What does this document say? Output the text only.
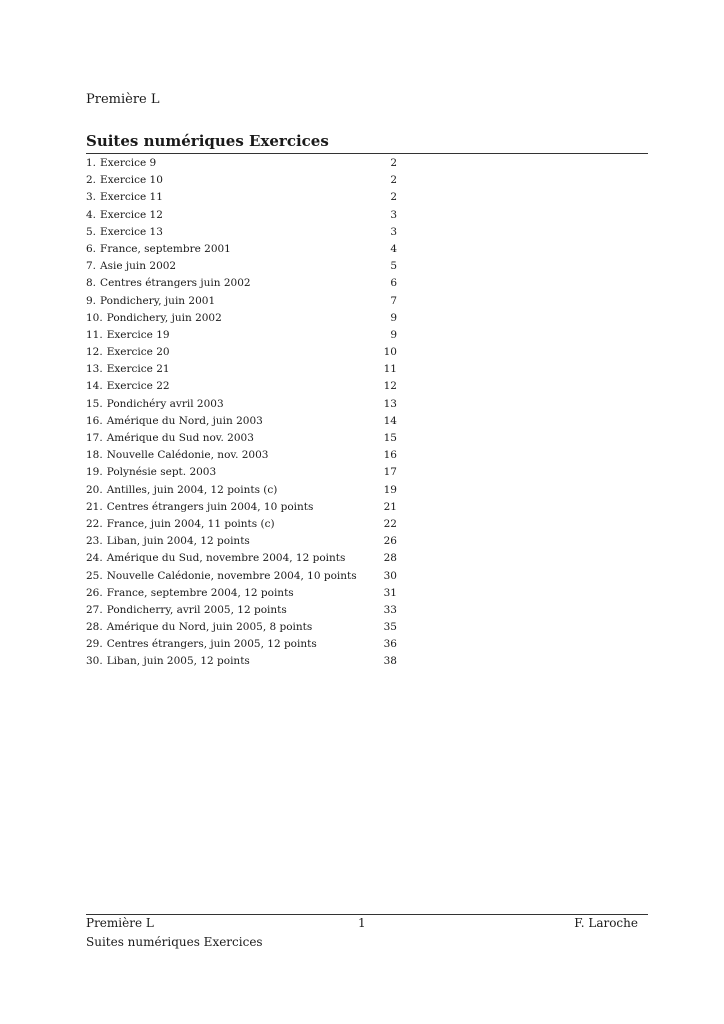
Première L
Suites numériques Exercices
1. Exercice 9	2
2. Exercice 10	2
3. Exercice 11	2
4. Exercice 12	3
5. Exercice 13	3
6. France, septembre 2001	4
7. Asie juin 2002	5
8. Centres étrangers juin 2002	6
9. Pondichery, juin 2001	7
10. Pondichery, juin 2002	9
11. Exercice 19	9
12. Exercice 20	10
13. Exercice 21	11
14. Exercice 22	12
15. Pondichéry avril 2003	13
16. Amérique du Nord, juin 2003	14
17. Amérique du Sud nov. 2003	15
18. Nouvelle Calédonie, nov. 2003	16
19. Polynésie sept. 2003	17
20. Antilles, juin 2004, 12 points (c)	19
21. Centres étrangers juin 2004, 10 points	21
22. France, juin 2004, 11 points (c)	22
23. Liban, juin 2004, 12 points	26
24. Amérique du Sud, novembre 2004, 12 points	28
25. Nouvelle Calédonie, novembre 2004, 10 points	30
26. France, septembre 2004, 12 points	31
27. Pondicherry, avril 2005, 12 points	33
28. Amérique du Nord, juin 2005, 8 points	35
29. Centres étrangers, juin 2005, 12 points	36
30. Liban, juin 2005, 12 points	38
Première L	1	F. Laroche
Suites numériques Exercices
